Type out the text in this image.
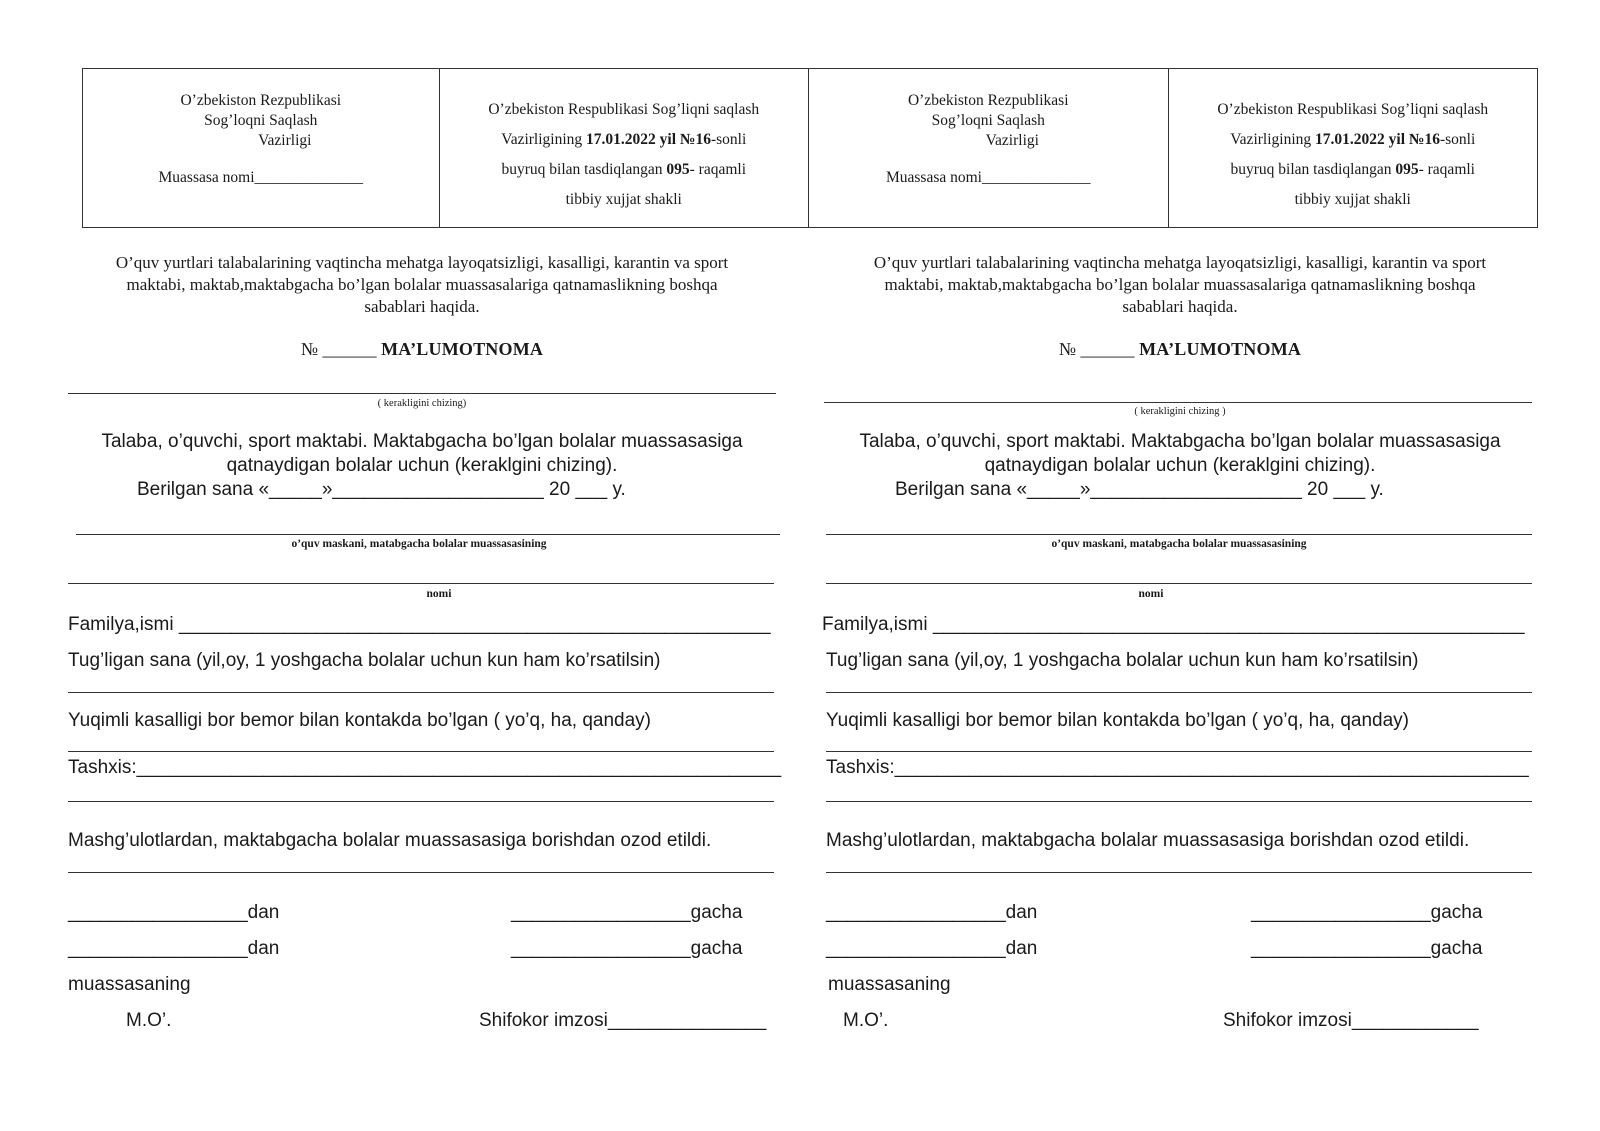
O’zbekiston Rezpublikasi
Sog’loqni Saqlash
Vazirligi
Muassasa nomi______________
O’zbekiston Respublikasi Sog’liqni saqlash
Vazirligining 17.01.2022 yil №16-sonli
buyruq bilan tasdiqlangan 095- raqamli
tibbiy xujjat shakli
O’zbekiston Rezpublikasi
Sog’loqni Saqlash
Vazirligi
Muassasa nomi______________
O’zbekiston Respublikasi Sog’liqni saqlash
Vazirligining 17.01.2022 yil №16-sonli
buyruq bilan tasdiqlangan 095- raqamli
tibbiy xujjat shakli
O’quv yurtlari talabalarining vaqtincha mehatga layoqatsizligi, kasalligi, karantin va sport
maktabi, maktab,maktabgacha bo’lgan bolalar muassasalariga qatnamaslikning boshqa
sabablari haqida.
№ ______ MA’LUMOTNOMA
( kerakligini chizing)
Talaba, o’quvchi, sport maktabi. Maktabgacha bo’lgan bolalar muassasasiga
qatnaydigan bolalar uchun (keraklgini chizing).
Berilgan sana «_____»____________________ 20 ___ y.
o’quv maskani, matabgacha bolalar muassasasining
nomi
Familya,ismi ________________________________________________________
Tug’ligan sana (yil,oy, 1 yoshgacha bolalar uchun kun ham ko’rsatilsin)
Yuqimli kasalligi bor bemor bilan kontakda bo’lgan ( yo’q, ha, qanday)
Tashxis:_____________________________________________________________
Mashg’ulotlardan, maktabgacha bolalar muassasasiga borishdan ozod etildi.
_________________dan	_________________gacha
_________________dan	_________________gacha
muassasaning
M.O’.	Shifokor imzosi_______________
O’quv yurtlari talabalarining vaqtincha mehatga layoqatsizligi, kasalligi, karantin va sport
maktabi, maktab,maktabgacha bo’lgan bolalar muassasalariga qatnamaslikning boshqa
sabablari haqida.
№ ______ MA’LUMOTNOMA
( kerakligini chizing )
Talaba, o’quvchi, sport maktabi. Maktabgacha bo’lgan bolalar muassasasiga
qatnaydigan bolalar uchun (keraklgini chizing).
Berilgan sana «_____»____________________ 20 ___ y.
o’quv maskani, matabgacha bolalar muassasasining
nomi
Familya,ismi ________________________________________________________
Tug’ligan sana (yil,oy, 1 yoshgacha bolalar uchun kun ham ko’rsatilsin)
Yuqimli kasalligi bor bemor bilan kontakda bo’lgan ( yo’q, ha, qanday)
Tashxis:____________________________________________________________
Mashg’ulotlardan, maktabgacha bolalar muassasasiga borishdan ozod etildi.
_________________dan	_________________gacha
_________________dan	_________________gacha
muassasaning
M.O’.	Shifokor imzosi____________
